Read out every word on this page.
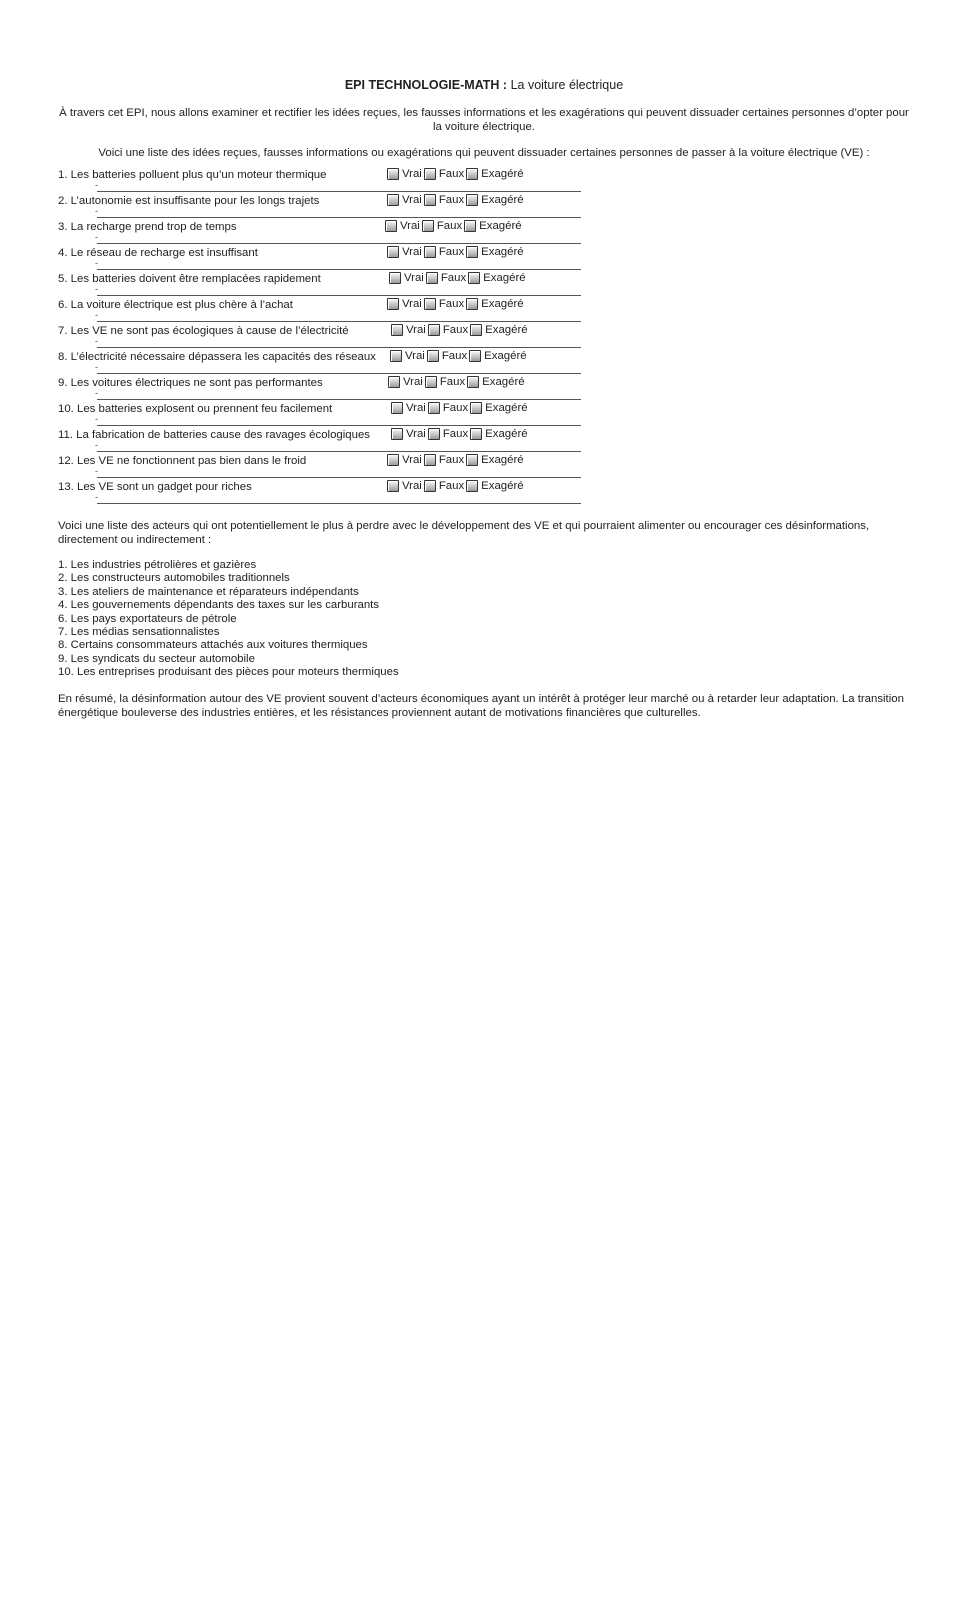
EPI TECHNOLOGIE-MATH : La voiture électrique
À travers cet EPI, nous allons examiner et rectifier les idées reçues, les fausses informations et les exagérations qui peuvent dissuader certaines personnes d’opter pour la voiture électrique.
Voici une liste des idées reçues, fausses informations ou exagérations qui peuvent dissuader certaines personnes de passer à la voiture électrique (VE) :
1. Les batteries polluent plus qu’un moteur thermique	Vrai Faux Exagéré
-
2. L’autonomie est insuffisante pour les longs trajets	Vrai Faux Exagéré
-
3. La recharge prend trop de temps	Vrai Faux Exagéré
-
4. Le réseau de recharge est insuffisant	Vrai Faux Exagéré
-
5. Les batteries doivent être remplacées rapidement	Vrai Faux Exagéré
-
6. La voiture électrique est plus chère à l’achat	Vrai Faux Exagéré
-
7. Les VE ne sont pas écologiques à cause de l’électricité	Vrai Faux Exagéré
-
8. L’électricité nécessaire dépassera les capacités des réseaux	Vrai Faux Exagéré
-
9. Les voitures électriques ne sont pas performantes	Vrai Faux Exagéré
-
10. Les batteries explosent ou prennent feu facilement	Vrai Faux Exagéré
-
11. La fabrication de batteries cause des ravages écologiques	Vrai Faux Exagéré
-
12. Les VE ne fonctionnent pas bien dans le froid	Vrai Faux Exagéré
-
13. Les VE sont un gadget pour riches	Vrai Faux Exagéré
-
Voici une liste des acteurs qui ont potentiellement le plus à perdre avec le développement des VE et qui pourraient alimenter ou encourager ces désinformations, directement ou indirectement :
1. Les industries pétrolières et gazières
2. Les constructeurs automobiles traditionnels
3. Les ateliers de maintenance et réparateurs indépendants
4. Les gouvernements dépendants des taxes sur les carburants
6. Les pays exportateurs de pétrole
7. Les médias sensationnalistes
8. Certains consommateurs attachés aux voitures thermiques
9. Les syndicats du secteur automobile
10. Les entreprises produisant des pièces pour moteurs thermiques
En résumé, la désinformation autour des VE provient souvent d’acteurs économiques ayant un intérêt à protéger leur marché ou à retarder leur adaptation. La transition énergétique bouleverse des industries entières, et les résistances proviennent autant de motivations financières que culturelles.
